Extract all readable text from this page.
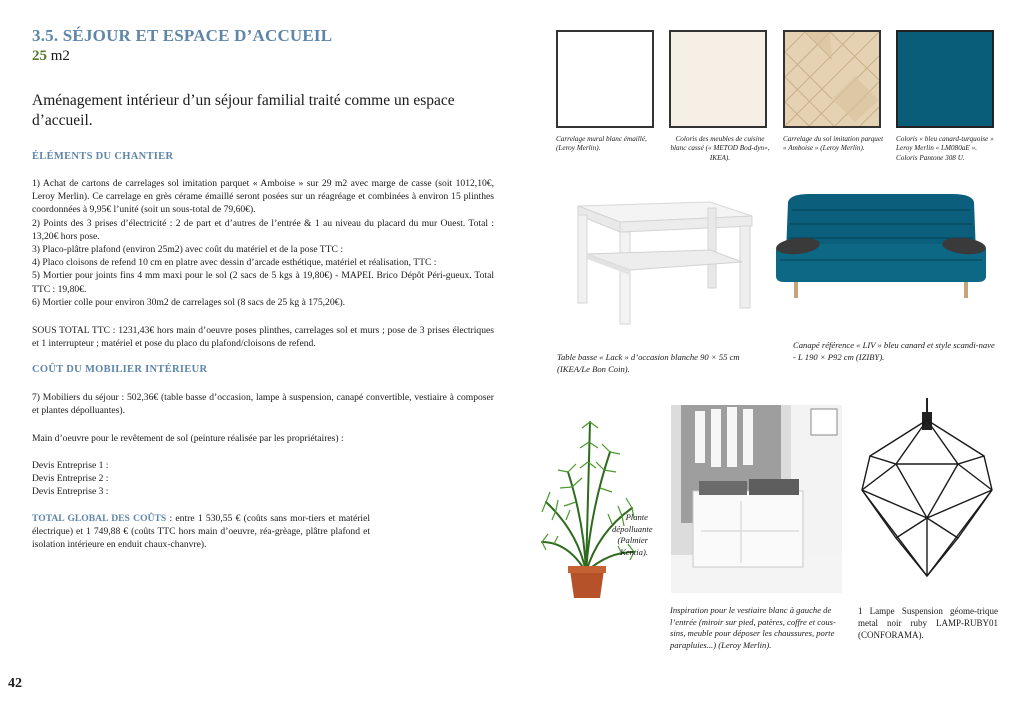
3.5. SÉJOUR ET ESPACE D’ACCUEIL
25 m2
Aménagement intérieur d’un séjour familial traité comme un espace d’accueil.
ÉLÉMENTS DU CHANTIER

1) Achat de cartons de carrelages sol imitation parquet « Amboise » sur 29 m2 avec marge de casse (soit 1012,10€, Leroy Merlin). Ce carrelage en grès cérame émaillé seront posées sur un réagréage et combinées à environ 15 plinthes coordonnées à 9,95€ l’unité (soit un sous-total de 79,60€).

2) Points des 3 prises d’électricité : 2 de part et d’autres de l’entrée & 1 au niveau du placard du mur Ouest. Total : 13,20€ hors pose.

3) Placo-plâtre plafond (environ 25m2) avec coût du matériel et de la pose TTC :

4) Placo cloisons de refend 10 cm en platre avec dessin d’arcade esthétique, matériel et réalisation, TTC :

5) Mortier pour joints fins 4 mm maxi pour le sol (2 sacs de 5 kgs à 19,80€) - MAPEI. Brico Dépôt Péri-gueux. Total TTC : 19,80€.

6) Mortier colle pour environ 30m2 de carrelages sol (8 sacs de 25 kg à 175,20€).

SOUS TOTAL TTC : 1231,43€ hors main d’oeuvre poses plinthes, carrelages sol et murs ; pose de 3 prises électriques et 1 interrupteur ; matériel et pose du placo du plafond/cloisons de refend.
COÛT DU MOBILIER INTÉRIEUR
7) Mobiliers du séjour : 502,36€ (table basse d’occasion, lampe à suspension, canapé convertible, vestiaire à composer et plantes dépolluantes).
Main d’oeuvre pour le revêtement de sol (peinture réalisée par les propriétaires) :

Devis Entreprise 1 :

Devis Entreprise 2 :

Devis Entreprise 3 :

TOTAL GLOBAL DES COÛTS : entre 1 530,55 € (coûts sans mor-tiers et matériel électrique) et 1 749,88 € (coûts TTC hors main d’oeuvre, réa-grèage, plâtre plafond et isolation intérieure en enduit chaux-chanvre).
42
Carrelage mural blanc émaillé, (Leroy Merlin).
Coloris des meubles de cuisine blanc cassé (« METOD Bod-dyn», IKEA).
Carrelage du sol imitation parquet « Amboise » (Leroy Merlin).
Coloris « bleu canard-turquoise » Leroy Merlin « LM080aE ». Coloris Pantone 308 U.
Table basse « Lack » d’occasion blanche 90 × 55 cm (IKEA/Le Bon Coin).
Canapé référence « LIV » bleu canard et style scandi-nave - L 190 × P92 cm (IZIBY).
Plante dépolluante (Palmier Kentia).
Inspiration pour le vestiaire blanc à gauche de l’entrée (miroir sur pied, patères, coffre et cous-sins, meuble pour déposer les chaussures, porte parapluies...) (Leroy Merlin).
1 Lampe Suspension géome-trique metal noir ruby LAMP-RUBY01 (CONFORAMA).
